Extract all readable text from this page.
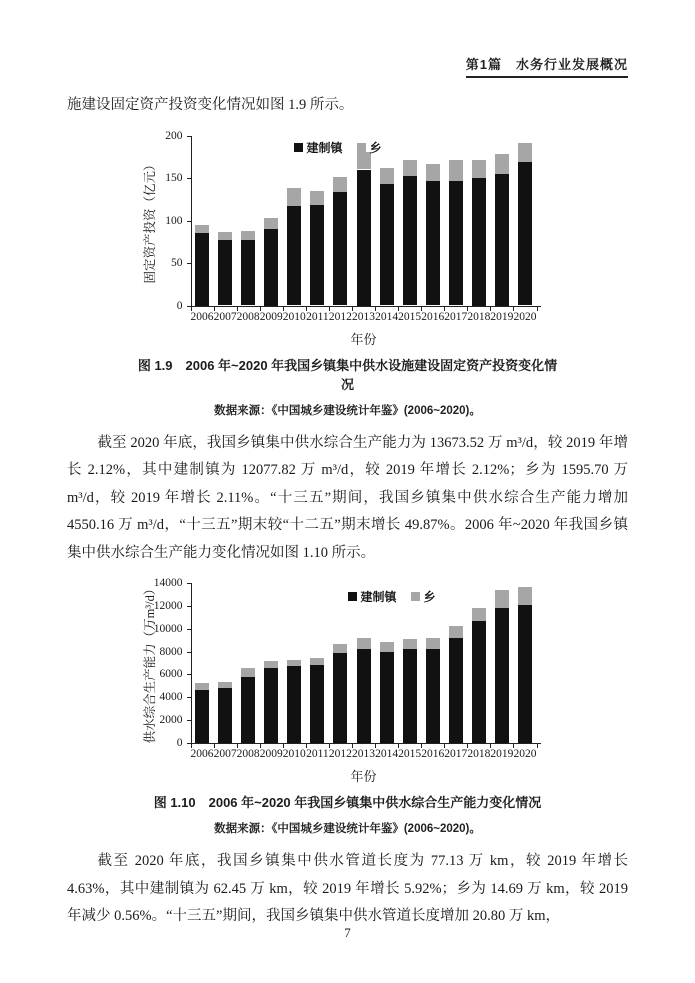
第1篇　水务行业发展概况

施建设固定资产投资变化情况如图 1.9 所示。

0
50
100
150
200
2006 2007 2008 2009 2010 2011 2012 2013 2014 2015 2016 2017 2018 2019 2020
建制镇 乡
固定资产投资（亿元）
年份
图 1.9　2006 年~2020 年我国乡镇集中供水设施建设固定资产投资变化情况
数据来源：《中国城乡建设统计年鉴》(2006~2020)。

截至 2020 年底，我国乡镇集中供水综合生产能力为 13673.52 万 m³/d，较 2019 年增长 2.12%，其中建制镇为 12077.82 万 m³/d，较 2019 年增长 2.12%；乡为 1595.70 万 m³/d，较 2019 年增长 2.11%。“十三五”期间，我国乡镇集中供水综合生产能力增加 4550.16 万 m³/d，“十三五”期末较“十二五”期末增长 49.87%。2006 年~2020 年我国乡镇集中供水综合生产能力变化情况如图 1.10 所示。

0
2000
4000
6000
8000
10000
12000
14000
2006 2007 2008 2009 2010 2011 2012 2013 2014 2015 2016 2017 2018 2019 2020
建制镇 乡
供水综合生产能力（万m³/d）
年份
图 1.10　2006 年~2020 年我国乡镇集中供水综合生产能力变化情况
数据来源：《中国城乡建设统计年鉴》(2006~2020)。

截至 2020 年底，我国乡镇集中供水管道长度为 77.13 万 km，较 2019 年增长 4.63%，其中建制镇为 62.45 万 km，较 2019 年增长 5.92%；乡为 14.69 万 km，较 2019 年减少 0.56%。“十三五”期间，我国乡镇集中供水管道长度增加 20.80 万 km，

7
